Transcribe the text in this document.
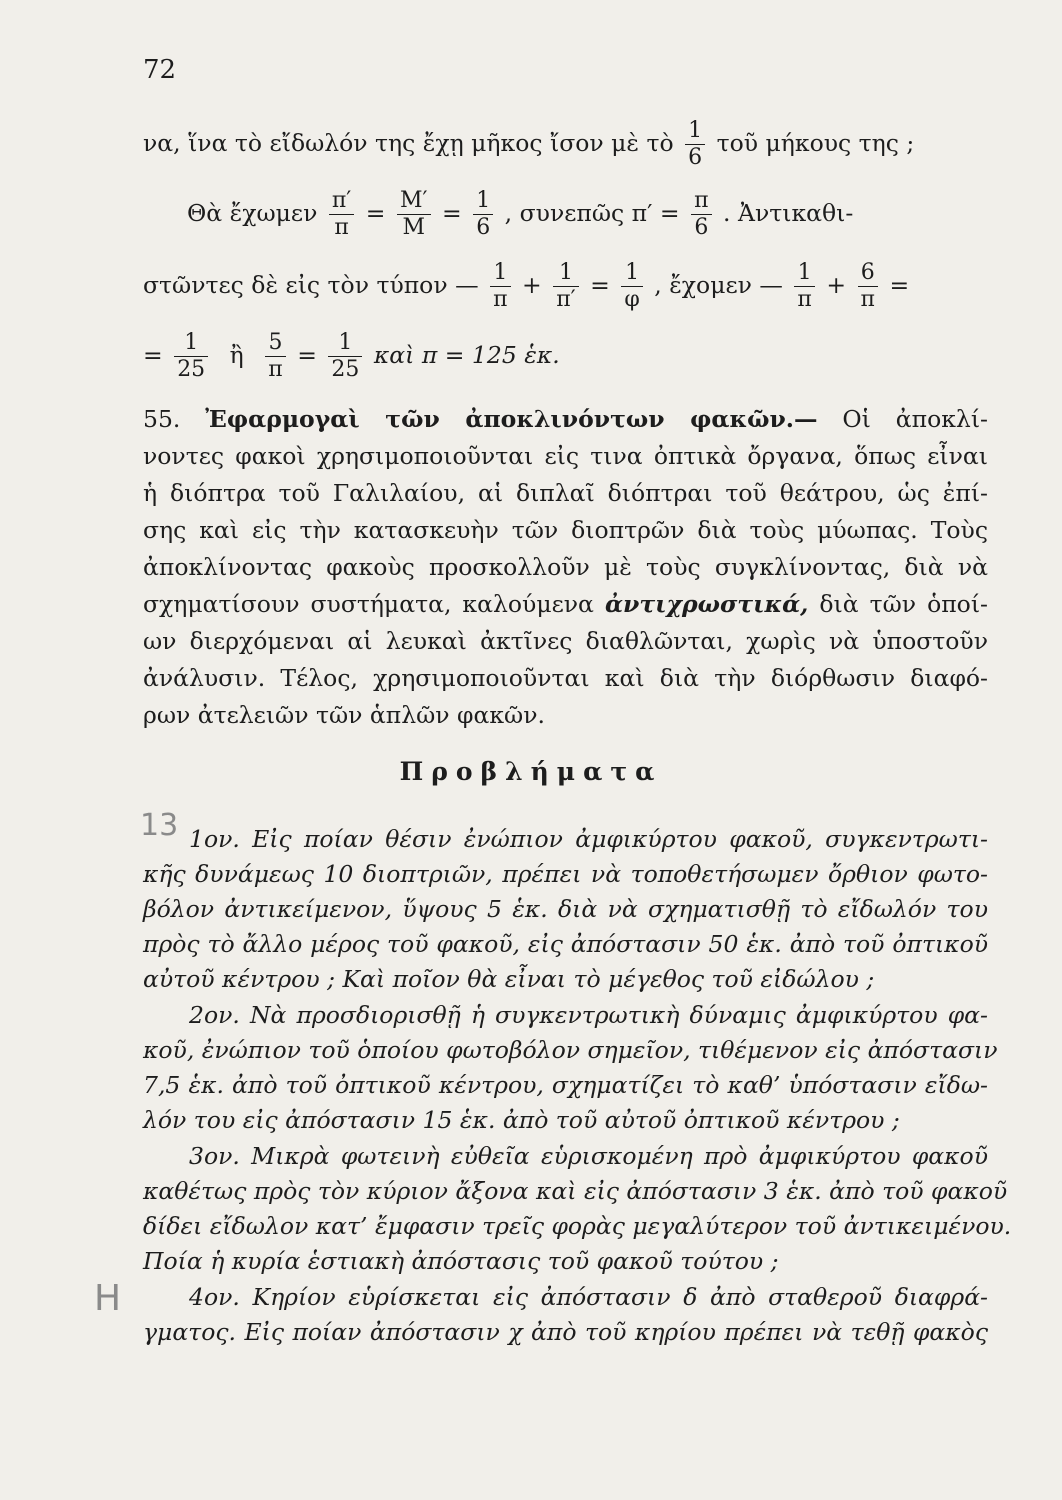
72
να, ἵνα τὸ εἴδωλόν της ἔχῃ μῆκος ἴσον μὲ τὸ $\frac{1}{6}$ τοῦ μήκους της ;
Θὰ ἔχωμεν $\frac{\pi'}{\pi} = \frac{M'}{M} = \frac{1}{6}$ , συνεπῶς $\pi' = \frac{\pi}{6}$ . Ἀντικαθι-
στῶντες δὲ εἰς τὸν τύπον — $\frac{1}{\pi} + \frac{1}{\pi'} = \frac{1}{\varphi}$ , ἔχομεν — $\frac{1}{\pi} + \frac{6}{\pi}$ =
= $\frac{1}{25}$ ἢ $\frac{5}{\pi} = \frac{1}{25}$ καὶ π = 125 ἑκ.
55. Ἐφαρμογαὶ τῶν ἀποκλινόντων φακῶν.— Οἱ ἀποκλί-
νοντες φακοὶ χρησιμοποιοῦνται εἰς τινα ὀπτικὰ ὄργανα, ὅπως εἶναι
ἡ διόπτρα τοῦ Γαλιλαίου, αἱ διπλαῖ διόπτραι τοῦ θεάτρου, ὡς ἐπί-
σης καὶ εἰς τὴν κατασκευὴν τῶν διοπτρῶν διὰ τοὺς μύωπας. Τοὺς
ἀποκλίνοντας φακοὺς προσκολλοῦν μὲ τοὺς συγκλίνοντας, διὰ νὰ
σχηματίσουν συστήματα, καλούμενα ἀντιχρωστικά, διὰ τῶν ὁποί-
ων διερχόμεναι αἱ λευκαὶ ἀκτῖνες διαθλῶνται, χωρὶς νὰ ὑποστοῦν
ἀνάλυσιν. Τέλος, χρησιμοποιοῦνται καὶ διὰ τὴν διόρθωσιν διαφό-
ρων ἀτελειῶν τῶν ἁπλῶν φακῶν.
Προβλήματα
1ον. Εἰς ποίαν θέσιν ἐνώπιον ἀμφικύρτου φακοῦ, συγκεντρωτι-
κῆς δυνάμεως 10 διοπτριῶν, πρέπει νὰ τοποθετήσωμεν ὄρθιον φωτο-
βόλον ἀντικείμενον, ὕψους 5 ἑκ. διὰ νὰ σχηματισθῇ τὸ εἴδωλόν του
πρὸς τὸ ἄλλο μέρος τοῦ φακοῦ, εἰς ἀπόστασιν 50 ἑκ. ἀπὸ τοῦ ὀπτικοῦ
αὐτοῦ κέντρου ; Καὶ ποῖον θὰ εἶναι τὸ μέγεθος τοῦ εἰδώλου ;
2ον. Νὰ προσδιορισθῇ ἡ συγκεντρωτικὴ δύναμις ἀμφικύρτου φα-
κοῦ, ἐνώπιον τοῦ ὁποίου φωτοβόλον σημεῖον, τιθέμενον εἰς ἀπόστασιν
7,5 ἑκ. ἀπὸ τοῦ ὀπτικοῦ κέντρου, σχηματίζει τὸ καθ’ ὑπόστασιν εἴδω-
λόν του εἰς ἀπόστασιν 15 ἑκ. ἀπὸ τοῦ αὐτοῦ ὀπτικοῦ κέντρου ;
3ον. Μικρὰ φωτεινὴ εὐθεῖα εὑρισκομένη πρὸ ἀμφικύρτου φακοῦ
καθέτως πρὸς τὸν κύριον ἄξονα καὶ εἰς ἀπόστασιν 3 ἑκ. ἀπὸ τοῦ φακοῦ
δίδει εἴδωλον κατ’ ἔμφασιν τρεῖς φορὰς μεγαλύτερον τοῦ ἀντικειμένου.
Ποία ἡ κυρία ἑστιακὴ ἀπόστασις τοῦ φακοῦ τούτου ;
4ον. Κηρίον εὑρίσκεται εἰς ἀπόστασιν δ ἀπὸ σταθεροῦ διαφρά-
γματος. Εἰς ποίαν ἀπόστασιν χ ἀπὸ τοῦ κηρίου πρέπει νὰ τεθῇ φακὸς
13
Η
